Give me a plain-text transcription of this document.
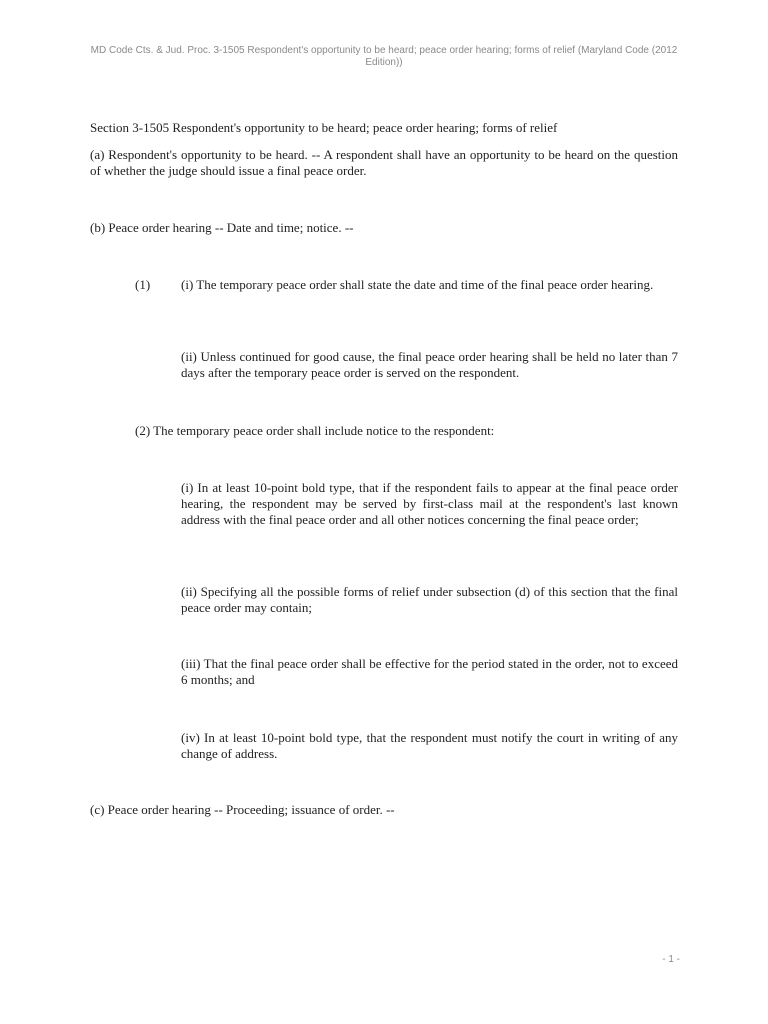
MD Code Cts. & Jud. Proc. 3-1505 Respondent's opportunity to be heard; peace order hearing; forms of relief (Maryland Code (2012 Edition))

Section 3-1505 Respondent's opportunity to be heard; peace order hearing; forms of relief

(a) Respondent's opportunity to be heard. -- A respondent shall have an opportunity to be heard on the question of whether the judge should issue a final peace order.

(b) Peace order hearing -- Date and time; notice. --

(1) (i) The temporary peace order shall state the date and time of the final peace order hearing.

(ii) Unless continued for good cause, the final peace order hearing shall be held no later than 7 days after the temporary peace order is served on the respondent.

(2) The temporary peace order shall include notice to the respondent:

(i) In at least 10-point bold type, that if the respondent fails to appear at the final peace order hearing, the respondent may be served by first-class mail at the respondent's last known address with the final peace order and all other notices concerning the final peace order;

(ii) Specifying all the possible forms of relief under subsection (d) of this section that the final peace order may contain;

(iii) That the final peace order shall be effective for the period stated in the order, not to exceed 6 months; and

(iv) In at least 10-point bold type, that the respondent must notify the court in writing of any change of address.

(c) Peace order hearing -- Proceeding; issuance of order. --

- 1 -
